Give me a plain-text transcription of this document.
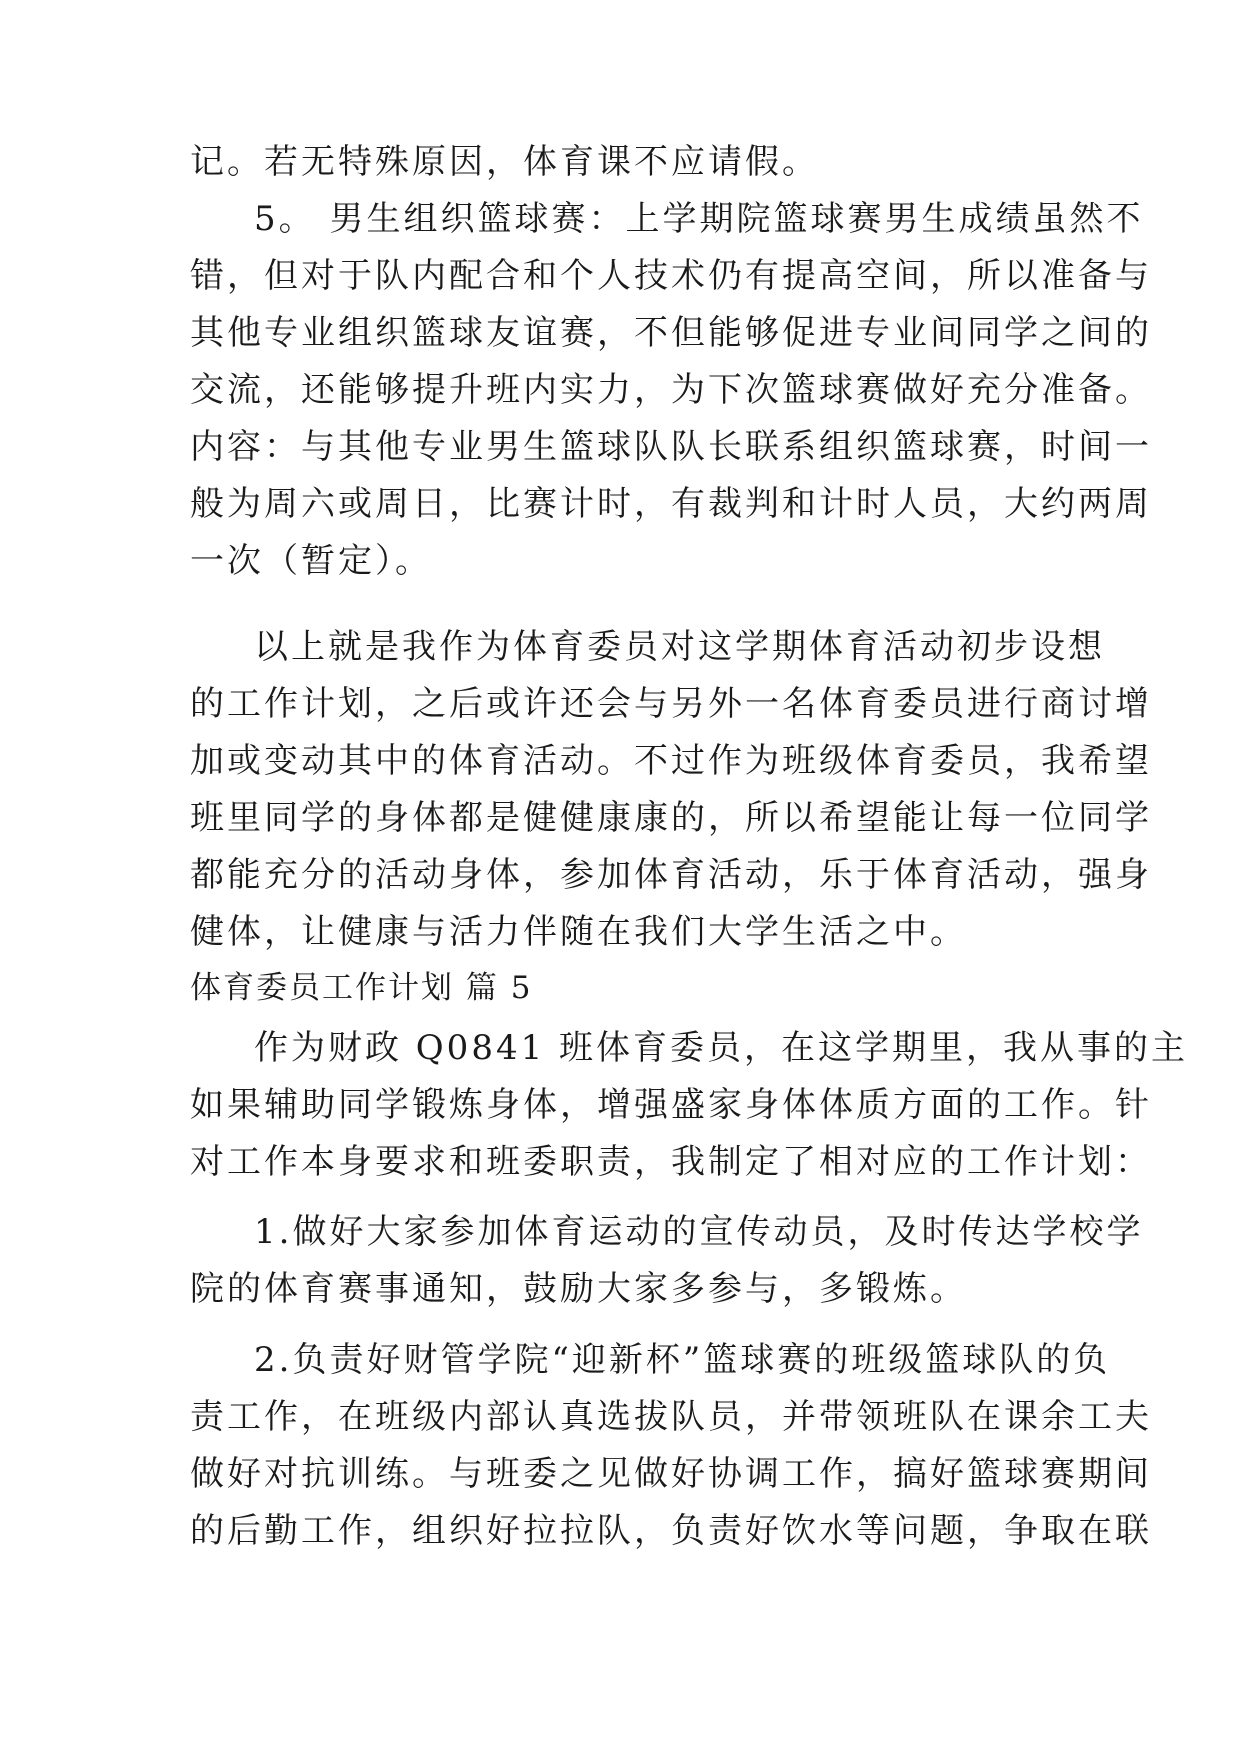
记。若无特殊原因，体育课不应请假。
5。 男生组织篮球赛：上学期院篮球赛男生成绩虽然不
错，但对于队内配合和个人技术仍有提高空间，所以准备与
其他专业组织篮球友谊赛，不但能够促进专业间同学之间的
交流，还能够提升班内实力，为下次篮球赛做好充分准备。
内容：与其他专业男生篮球队队长联系组织篮球赛，时间一
般为周六或周日，比赛计时，有裁判和计时人员，大约两周
一次（暂定）。
以上就是我作为体育委员对这学期体育活动初步设想
的工作计划，之后或许还会与另外一名体育委员进行商讨增
加或变动其中的体育活动。不过作为班级体育委员，我希望
班里同学的身体都是健健康康的，所以希望能让每一位同学
都能充分的活动身体，参加体育活动，乐于体育活动，强身
健体，让健康与活力伴随在我们大学生活之中。
体育委员工作计划 篇 5
作为财政 Q0841 班体育委员，在这学期里，我从事的主
如果辅助同学锻炼身体，增强盛家身体体质方面的工作。针
对工作本身要求和班委职责，我制定了相对应的工作计划：
1.做好大家参加体育运动的宣传动员，及时传达学校学
院的体育赛事通知，鼓励大家多参与，多锻炼。
2.负责好财管学院“迎新杯”篮球赛的班级篮球队的负
责工作，在班级内部认真选拔队员，并带领班队在课余工夫
做好对抗训练。与班委之见做好协调工作，搞好篮球赛期间
的后勤工作，组织好拉拉队，负责好饮水等问题，争取在联
